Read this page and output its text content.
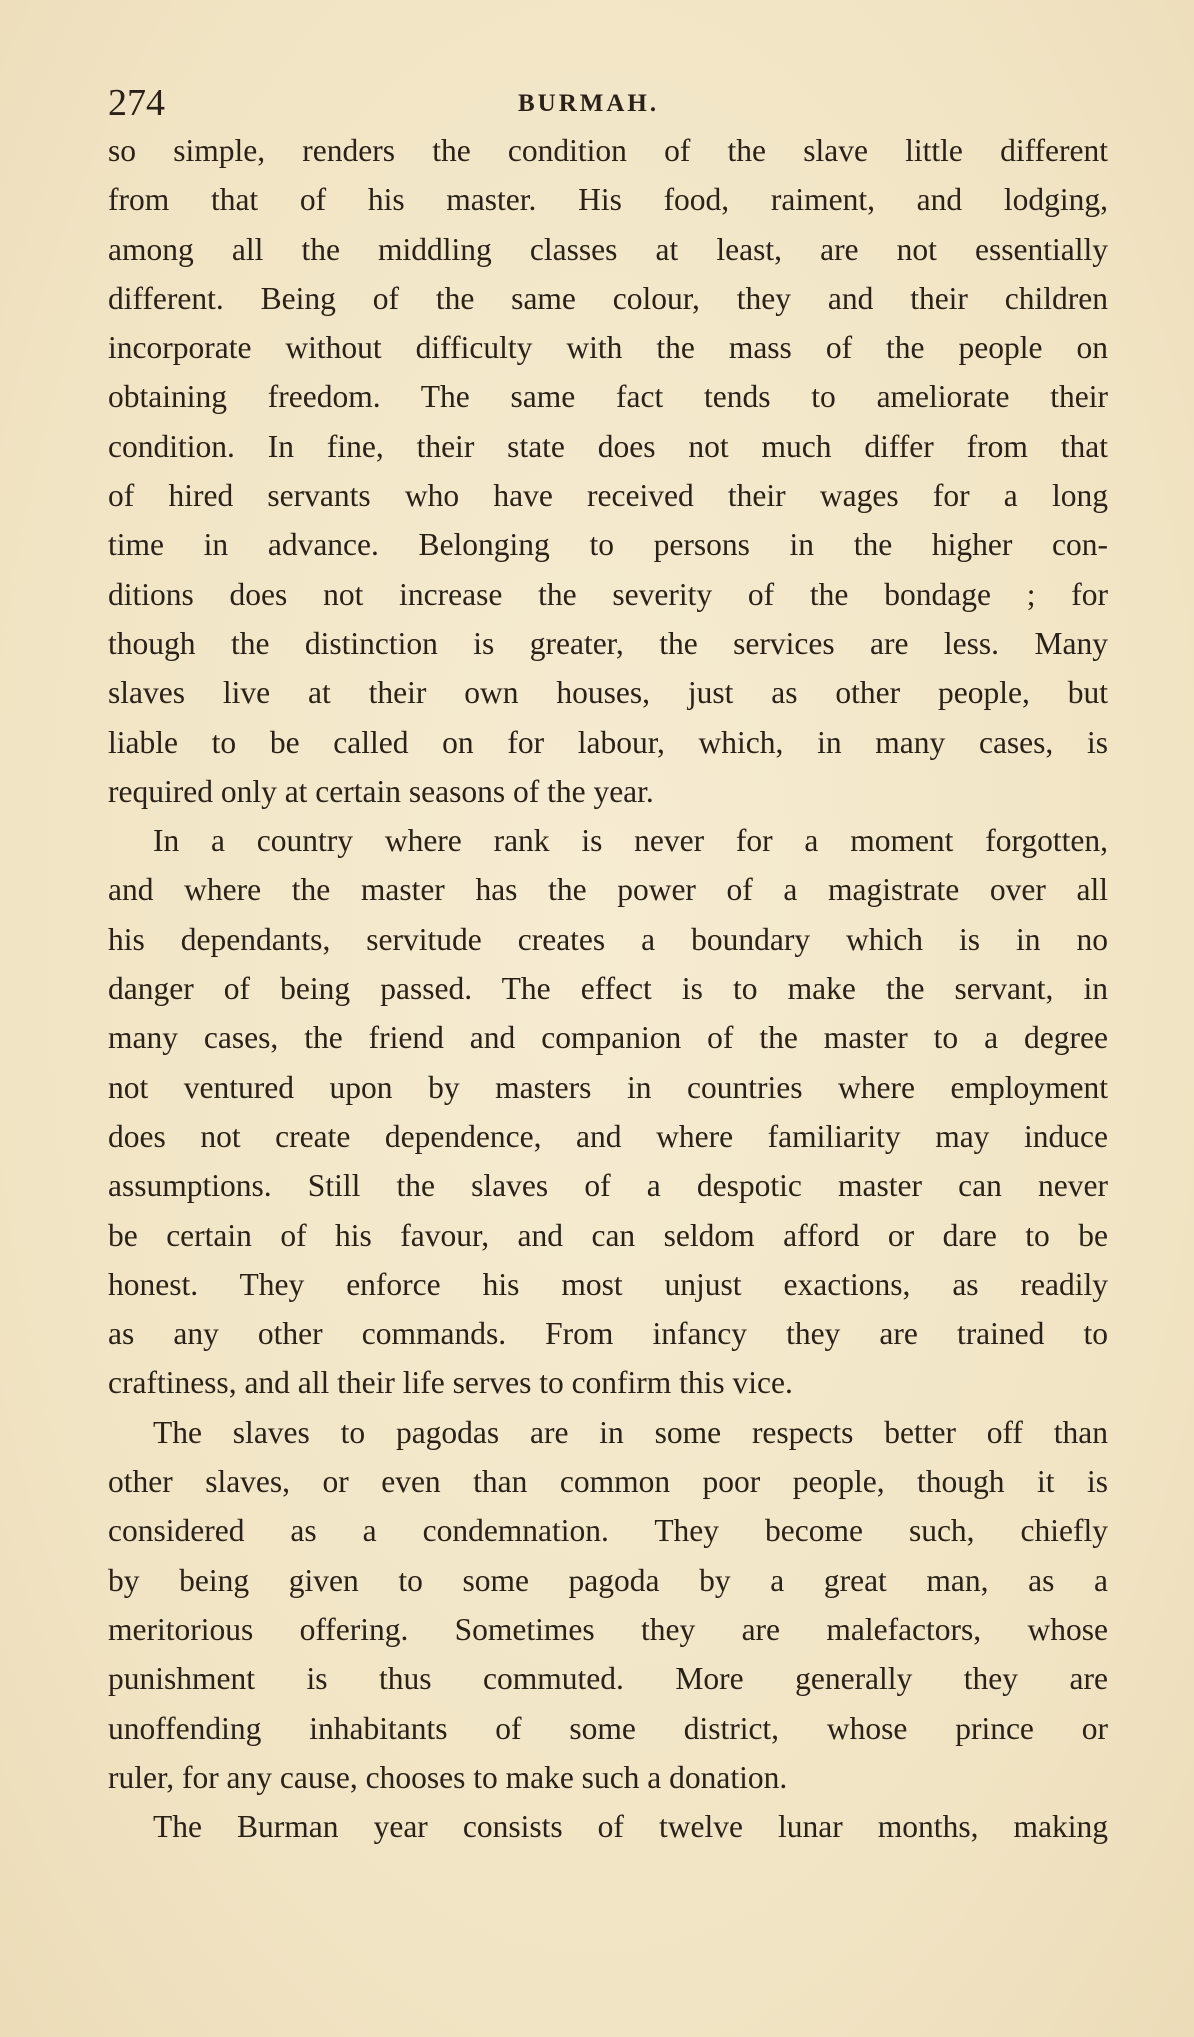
274	BURMAH.
so simple, renders the condition of the slave little different
from that of his master. His food, raiment, and lodging,
among all the middling classes at least, are not essentially
different. Being of the same colour, they and their children
incorporate without difficulty with the mass of the people on
obtaining freedom. The same fact tends to ameliorate their
condition. In fine, their state does not much differ from that
of hired servants who have received their wages for a long
time in advance. Belonging to persons in the higher con-
ditions does not increase the severity of the bondage ; for
though the distinction is greater, the services are less. Many
slaves live at their own houses, just as other people, but
liable to be called on for labour, which, in many cases, is
required only at certain seasons of the year.
In a country where rank is never for a moment forgotten,
and where the master has the power of a magistrate over all
his dependants, servitude creates a boundary which is in no
danger of being passed. The effect is to make the servant, in
many cases, the friend and companion of the master to a degree
not ventured upon by masters in countries where employment
does not create dependence, and where familiarity may induce
assumptions. Still the slaves of a despotic master can never
be certain of his favour, and can seldom afford or dare to be
honest. They enforce his most unjust exactions, as readily
as any other commands. From infancy they are trained to
craftiness, and all their life serves to confirm this vice.
The slaves to pagodas are in some respects better off than
other slaves, or even than common poor people, though it is
considered as a condemnation. They become such, chiefly
by being given to some pagoda by a great man, as a
meritorious offering. Sometimes they are malefactors, whose
punishment is thus commuted. More generally they are
unoffending inhabitants of some district, whose prince or
ruler, for any cause, chooses to make such a donation.
The Burman year consists of twelve lunar months, making
